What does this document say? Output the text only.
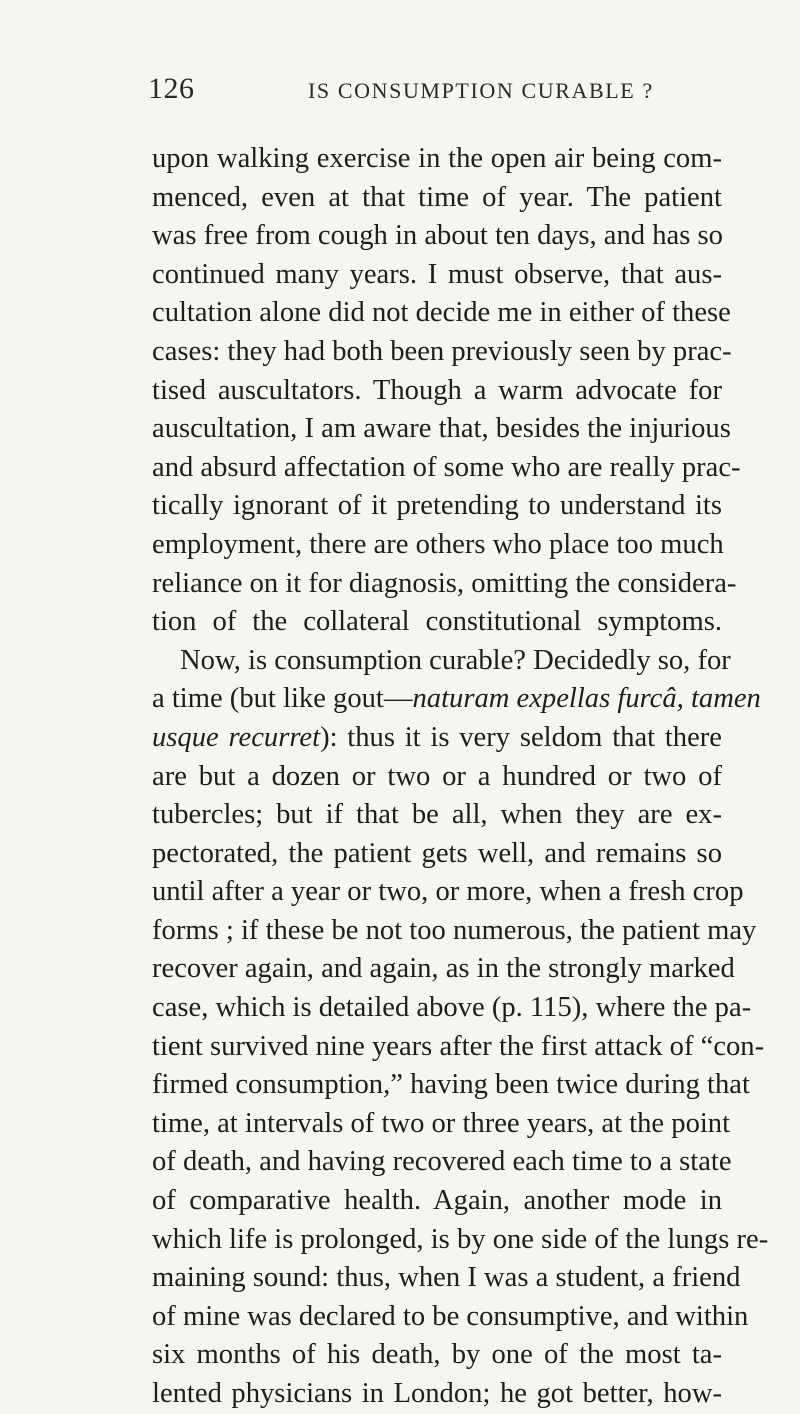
126	IS CONSUMPTION CURABLE ?
upon walking exercise in the open air being com-
menced, even at that time of year. The patient
was free from cough in about ten days, and has so
continued many years. I must observe, that aus-
cultation alone did not decide me in either of these
cases: they had both been previously seen by prac-
tised auscultators. Though a warm advocate for
auscultation, I am aware that, besides the injurious
and absurd affectation of some who are really prac-
tically ignorant of it pretending to understand its
employment, there are others who place too much
reliance on it for diagnosis, omitting the considera-
tion of the collateral constitutional symptoms.
Now, is consumption curable? Decidedly so, for
a time (but like gout—naturam expellas furcâ, tamen
usque recurret): thus it is very seldom that there
are but a dozen or two or a hundred or two of
tubercles; but if that be all, when they are ex-
pectorated, the patient gets well, and remains so
until after a year or two, or more, when a fresh crop
forms ; if these be not too numerous, the patient may
recover again, and again, as in the strongly marked
case, which is detailed above (p. 115), where the pa-
tient survived nine years after the first attack of “con-
firmed consumption,” having been twice during that
time, at intervals of two or three years, at the point
of death, and having recovered each time to a state
of comparative health. Again, another mode in
which life is prolonged, is by one side of the lungs re-
maining sound: thus, when I was a student, a friend
of mine was declared to be consumptive, and within
six months of his death, by one of the most ta-
lented physicians in London; he got better, how-
